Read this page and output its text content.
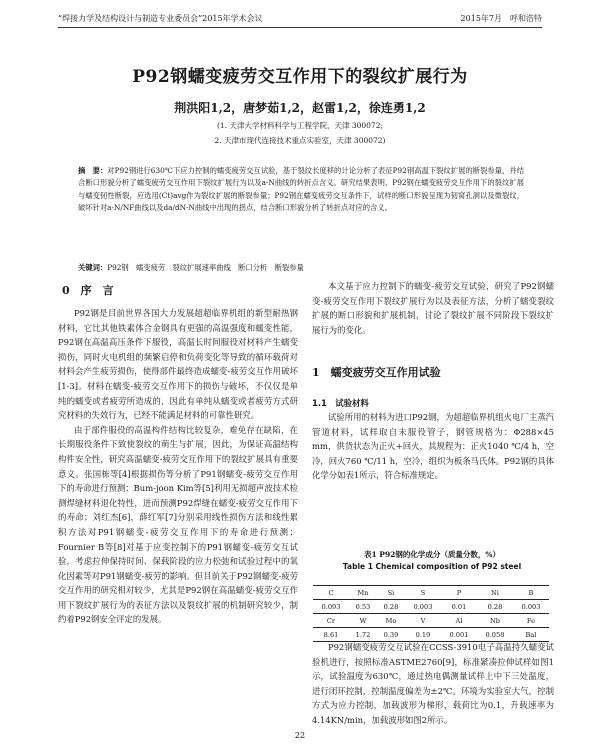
“焊接力学及结构设计与制造专业委员会”2015年学术会议	2015年7月　呼和浩特
P92钢蠕变疲劳交互作用下的裂纹扩展行为
荆洪阳1,2，唐梦茹1,2，赵雷1,2，徐连勇1,2
(1. 天津大学材料科学与工程学院，天津 300072;
2. 天津市现代连接技术重点实验室，天津 300072)
摘　要：对P92钢进行630℃下应力控制的蠕变疲劳交互试验，基于裂纹长度移的计论分析了表征P92钢高温下裂纹扩展的断裂参量，并结合断口形貌分析了蠕变疲劳交互作用下裂纹扩展行为以及a-N曲线的转折点含义。研究结果表明，P92钢在蠕变疲劳交互作用下的裂纹扩展与蠕变韧性断裂，应选用(Ct)avg作为裂纹扩展的断裂参量；P92钢在蠕变疲劳交互条件下，试样的断口形貌呈现为韧窝孔洞以及微裂纹，破坏针对a-N/NF曲线以及da/dN-N曲线中出现的拐点，结合断口形貌分析了转折点对应的含义。
关键词：P92钢　蠕变疲劳　裂纹扩展速率曲线　断口分析　断裂参量
0　序　言

P92钢是目前世界各国大力发展超超临界机组的新型耐热钢材料，它比其他铁素体合金钢具有更强的高温强度和蠕变性能，P92钢在高温高压条件下服役，高温长时间服役对材料产生蠕变损伤，同时火电机组的频繁启停和负荷变化等导致的循环载荷对材料会产生疲劳损伤，使得部件最终造成蠕变-疲劳交互作用破坏[1-3]。材料在蠕变-疲劳交互作用下的损伤与破坏，不仅仅是单纯的蠕变或者疲劳所造成的，因此有单纯从蠕变或者疲劳方式研究材料的失效行为，已经不能满足材料的可靠性研究。

由于部件服役的高温构件结构比较复杂，难免存在缺陷，在长期服役条件下致使裂纹的萌生与扩展，因此，为保证高温结构构件安全性，研究高温蠕变-疲劳交互作用下的裂纹扩展具有重要意义。张国栋等[4]根据损伤等分析了P91钢蠕变-疲劳交互作用下的寿命进行预测；Bum-joon Kim等[5]利用无损超声波技术检测焊缝材料退化特性，进而预测P92焊缝在蠕变-疲劳交互作用下的寿命；刘红杰[6]，薛红军[7]分别采用线性损伤方法和线性累积方法对P91钢蠕变-疲劳交互作用下的寿命进行预测；Fournier B等[8]对基于应变控制下的P91钢蠕变-疲劳交互试验，考虑拉伸保持时间、保载阶段的应力松弛和试验过程中的氧化因素等对P91钢蠕变-疲劳的影响。但目前关于P92钢蠕变-疲劳交互作用的研究相对较少，尤其是P92钢在高温蠕变-疲劳交互作用下裂纹扩展行为的表征方法以及裂纹扩展的机制研究较少，制约着P92钢安全评定的发展。

本文基于应力控制下的蠕变-疲劳交互试验，研究了P92钢蠕变-疲劳交互作用下裂纹扩展行为以及表征方法，分析了蠕变裂纹扩展的断口形貌和扩展机制，讨论了裂纹扩展不同阶段下裂纹扩展行为的变化。

1　蠕变疲劳交互作用试验
1.1　试验材料

试验所用的材料为进口P92钢，为超超临界机组火电厂主蒸汽管道材料，试样取自未服役管子，钢管规格为：Φ288×45 mm，供货状态为正火+回火，其规程为：正火1040 ℃/4 h，空冷，回火760 ℃/11 h，空冷，组织为板条马氏体。P92钢的具体化学分如表1所示，符合标准规定。

表1 P92钢的化学成分（质量分数，%）
Table 1 Chemical composition of P92 steel
C	Mn	Si	S	P	Ni	B
0.093	0.53	0.28	0.003	0.01	0.28	0.003
Cr	W	Mo	V	Al	Nb	Fe
8.61	1.72	0.39	0.19	0.001	0.058	Bal

P92钢蠕变疲劳交互试验在CCSS-3910电子高温持久蠕变试验机进行，按照标准ASTME2760[9]，标准紧凑拉伸试样如图1示，试验温度为630℃，通过热电偶测量试样上中下三处温度，进行闭环控制，控制温度偏差为±2℃。环境为实验室大气，控制方式为应力控制，加载波形为梯形，载荷比为0.1，升载速率为4.14KN/min，加载波形如图2所示。

22
